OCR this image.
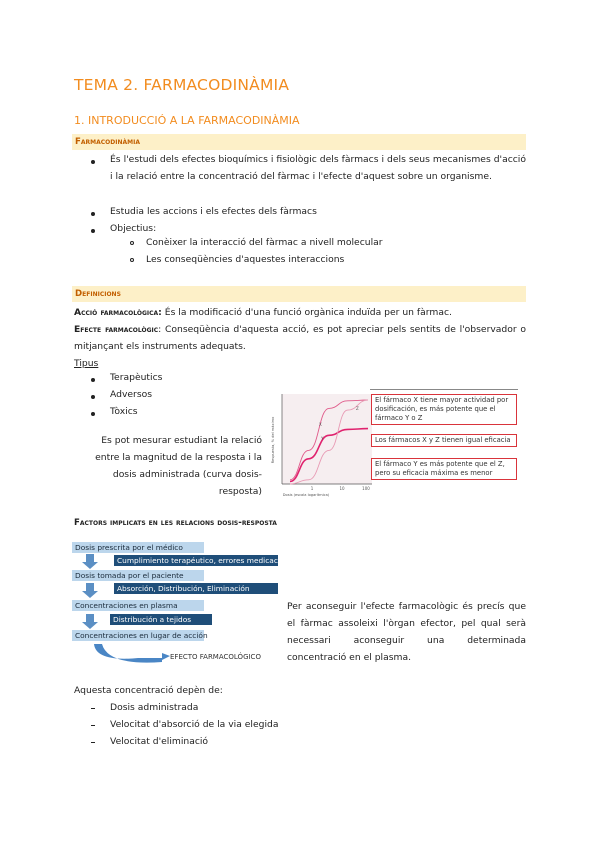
TEMA 2. FARMACODINÀMIA
1. INTRODUCCIÓ A LA FARMACODINÀMIA
Farmacodinàmia
És l'estudi dels efectes bioquímics i fisiològic dels fàrmacs i dels seus mecanismes d'acció i la relació entre la concentració del fàrmac i l'efecte d'aquest sobre un organisme.
Estudia les accions i els efectes dels fàrmacs
Objectius:
Conèixer la interacció del fàrmac a nivell molecular
Les conseqüències d'aquestes interaccions
Definicions
Acció farmacològica: És la modificació d'una funció orgànica induïda per un fàrmac.
Efecte farmacològic: Conseqüència d'aquesta acció, es pot apreciar pels sentits de l'observador o mitjançant els instruments adequats.
Tipus
Terapèutics
Adversos
Tòxics
Es pot mesurar estudiant la relació entre la magnitud de la resposta i la dosis administrada (curva dosis-resposta)
Respuesta, % del máximo
Dosis (escala logarítmica)
1	10	100
X
Y
Z
El fármaco X tiene mayor actividad por dosificación, es más potente que el fármaco Y o Z
Los fármacos X y Z tienen igual eficacia
El fármaco Y es más potente que el Z, pero su eficacia máxima es menor
Factors implicats en les relacions dosis-resposta
Dosis prescrita por el médico
Cumplimiento terapéutico, errores medicación
Dosis tomada por el paciente
Absorción, Distribución, Eliminación
Concentraciones en plasma
Distribución a tejidos
Concentraciones en lugar de acción
EFECTO FARMACOLÓGICO
Per aconseguir l'efecte farmacològic és precís que el fàrmac assoleixi l'òrgan efector, pel qual serà necessari aconseguir una determinada concentració en el plasma.
Aquesta concentració depèn de:
Dosis administrada
Velocitat d'absorció de la via elegida
Velocitat d'eliminació
